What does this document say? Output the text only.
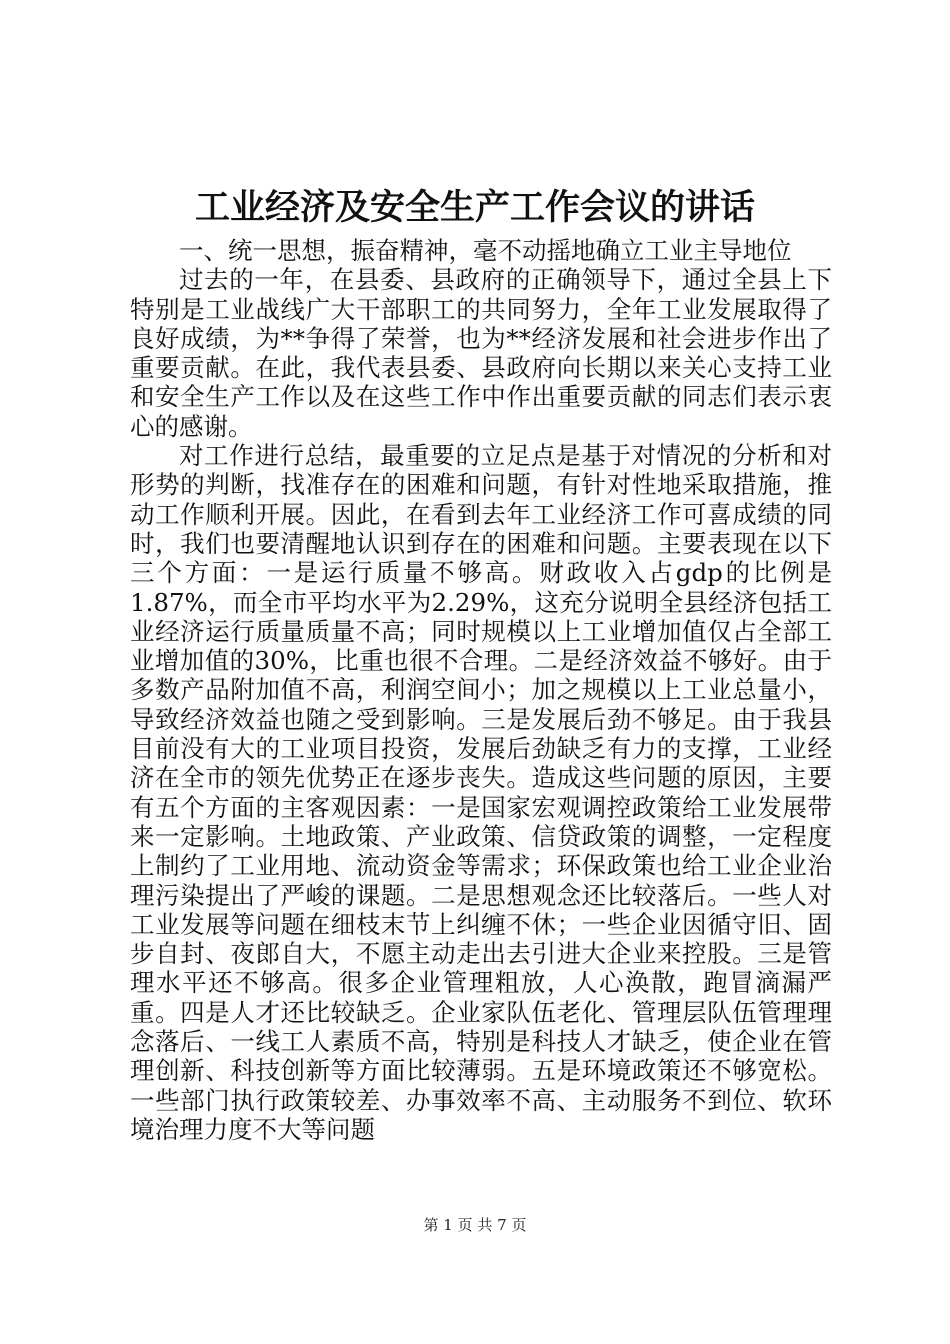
工业经济及安全生产工作会议的讲话

一、统一思想，振奋精神，毫不动摇地确立工业主导地位

过去的一年，在县委、县政府的正确领导下，通过全县上下特别是工业战线广大干部职工的共同努力，全年工业发展取得了良好成绩，为**争得了荣誉，也为**经济发展和社会进步作出了重要贡献。在此，我代表县委、县政府向长期以来关心支持工业和安全生产工作以及在这些工作中作出重要贡献的同志们表示衷心的感谢。

对工作进行总结，最重要的立足点是基于对情况的分析和对形势的判断，找准存在的困难和问题，有针对性地采取措施，推动工作顺利开展。因此，在看到去年工业经济工作可喜成绩的同时，我们也要清醒地认识到存在的困难和问题。主要表现在以下三个方面：一是运行质量不够高。财政收入占gdp的比例是1.87%，而全市平均水平为2.29%，这充分说明全县经济包括工业经济运行质量质量不高；同时规模以上工业增加值仅占全部工业增加值的30%，比重也很不合理。二是经济效益不够好。由于多数产品附加值不高，利润空间小；加之规模以上工业总量小，导致经济效益也随之受到影响。三是发展后劲不够足。由于我县目前没有大的工业项目投资，发展后劲缺乏有力的支撑，工业经济在全市的领先优势正在逐步丧失。造成这些问题的原因，主要有五个方面的主客观因素：一是国家宏观调控政策给工业发展带来一定影响。土地政策、产业政策、信贷政策的调整，一定程度上制约了工业用地、流动资金等需求；环保政策也给工业企业治理污染提出了严峻的课题。二是思想观念还比较落后。一些人对工业发展等问题在细枝末节上纠缠不休；一些企业因循守旧、固步自封、夜郎自大，不愿主动走出去引进大企业来控股。三是管理水平还不够高。很多企业管理粗放，人心涣散，跑冒滴漏严重。四是人才还比较缺乏。企业家队伍老化、管理层队伍管理理念落后、一线工人素质不高，特别是科技人才缺乏，使企业在管理创新、科技创新等方面比较薄弱。五是环境政策还不够宽松。一些部门执行政策较差、办事效率不高、主动服务不到位、软环境治理力度不大等问题

第 1 页 共 7 页
